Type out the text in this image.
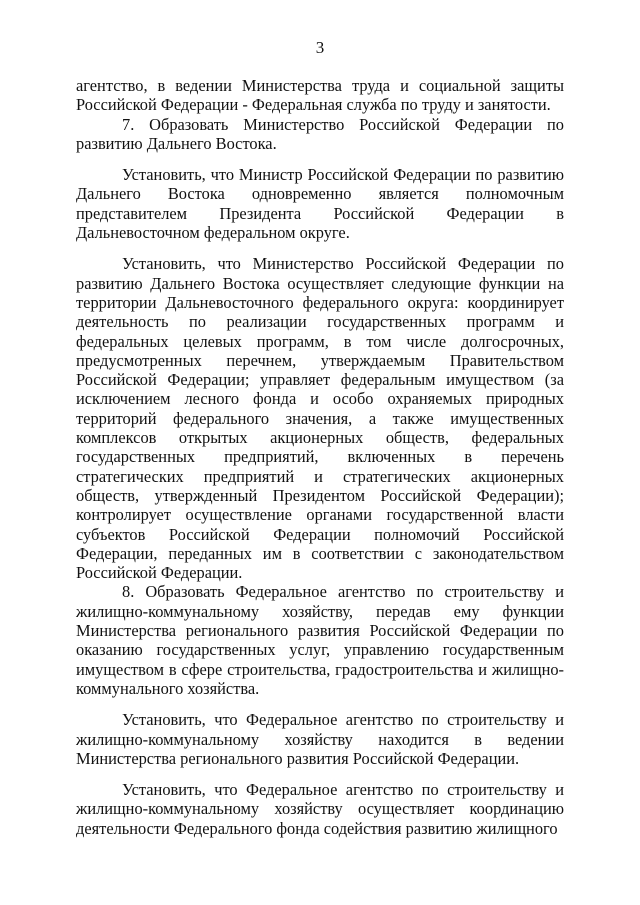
3

агентство, в ведении Министерства труда и социальной защиты Российской Федерации - Федеральная служба по труду и занятости.

7. Образовать Министерство Российской Федерации по развитию Дальнего Востока.

Установить, что Министр Российской Федерации по развитию Дальнего Востока одновременно является полномочным представителем Президента Российской Федерации в Дальневосточном федеральном округе.

Установить, что Министерство Российской Федерации по развитию Дальнего Востока осуществляет следующие функции на территории Дальневосточного федерального округа: координирует деятельность по реализации государственных программ и федеральных целевых программ, в том числе долгосрочных, предусмотренных перечнем, утверждаемым Правительством Российской Федерации; управляет федеральным имуществом (за исключением лесного фонда и особо охраняемых природных территорий федерального значения, а также имущественных комплексов открытых акционерных обществ, федеральных государственных предприятий, включенных в перечень стратегических предприятий и стратегических акционерных обществ, утвержденный Президентом Российской Федерации); контролирует осуществление органами государственной власти субъектов Российской Федерации полномочий Российской Федерации, переданных им в соответствии с законодательством Российской Федерации.

8. Образовать Федеральное агентство по строительству и жилищно-коммунальному хозяйству, передав ему функции Министерства регионального развития Российской Федерации по оказанию государственных услуг, управлению государственным имуществом в сфере строительства, градостроительства и жилищно-коммунального хозяйства.

Установить, что Федеральное агентство по строительству и жилищно-коммунальному хозяйству находится в ведении Министерства регионального развития Российской Федерации.

Установить, что Федеральное агентство по строительству и жилищно-коммунальному хозяйству осуществляет координацию деятельности Федерального фонда содействия развитию жилищного
